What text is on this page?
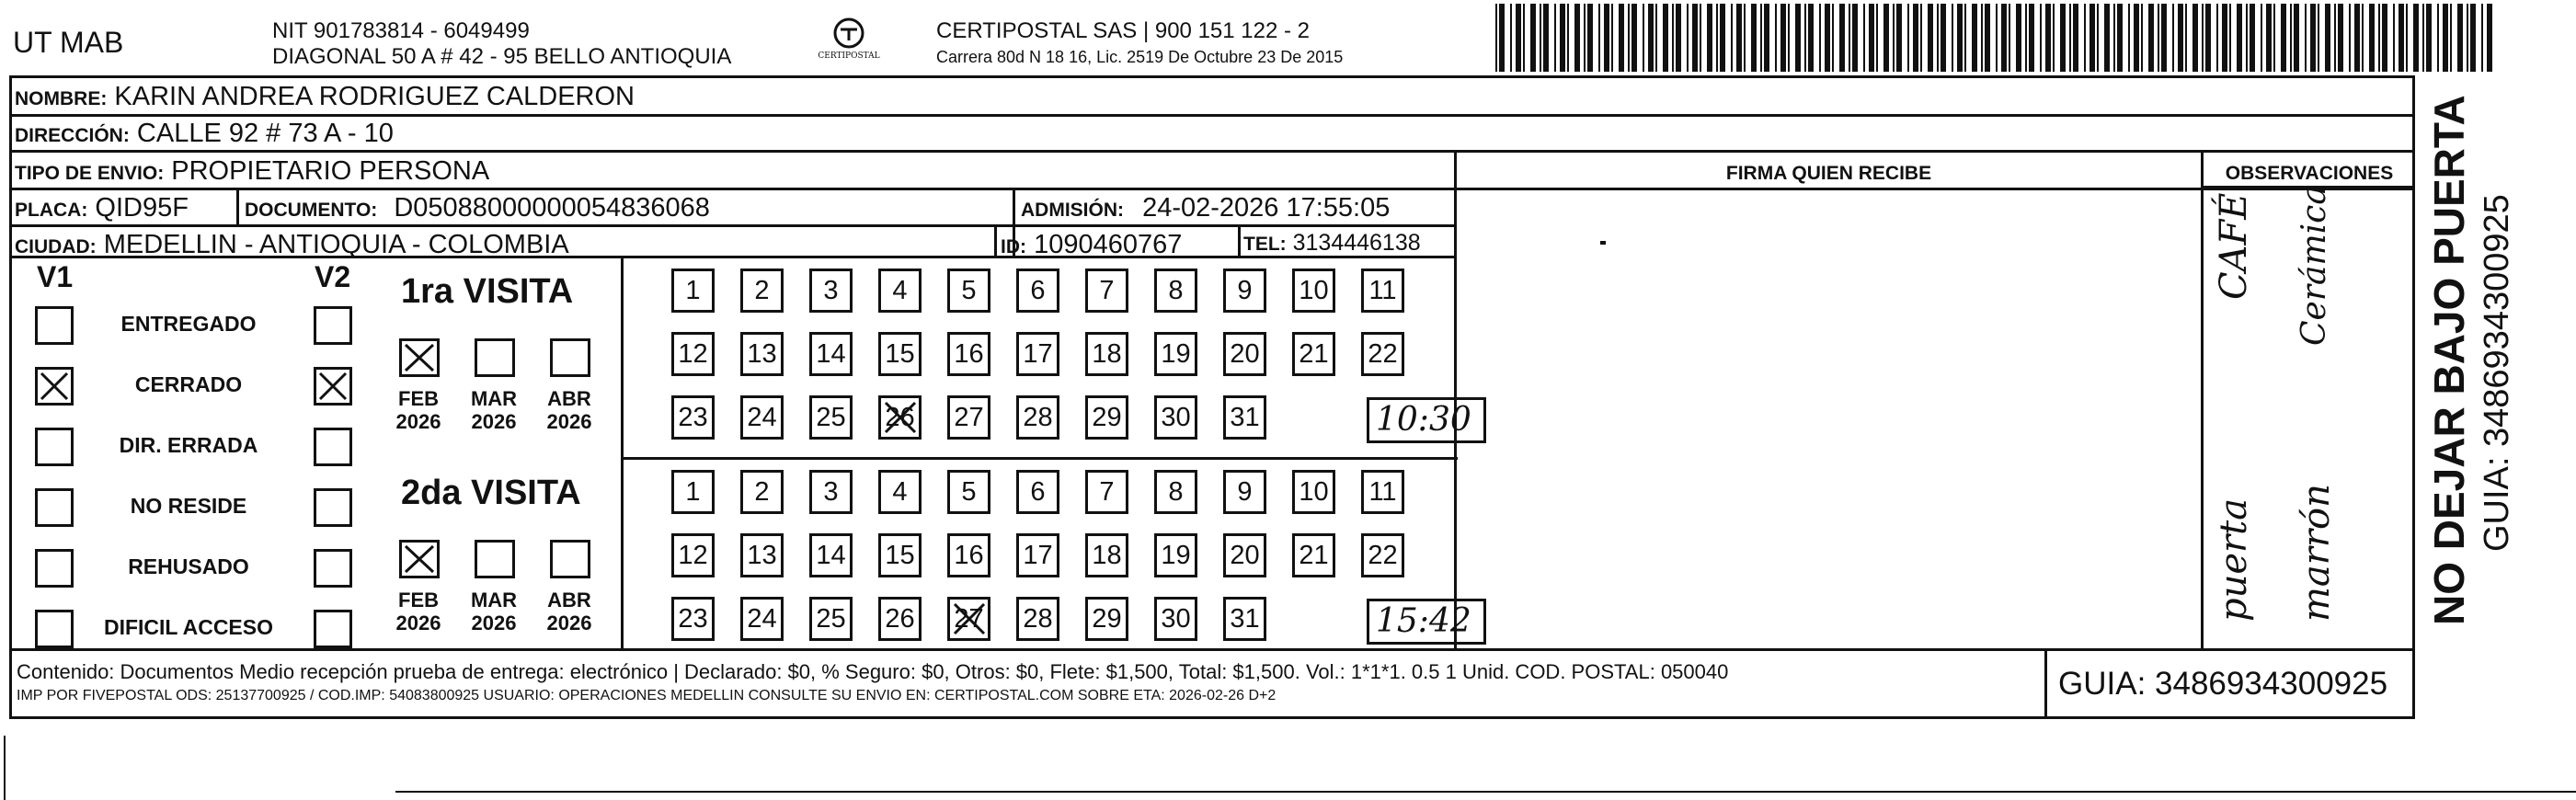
UT MAB	NIT 901783814 - 6049499
DIAGONAL 50 A # 42 - 95 BELLO ANTIOQUIA	CERTIPOSTAL
CERTIPOSTAL SAS | 900 151 122 - 2
Carrera 80d N 18 16, Lic. 2519 De Octubre 23 De 2015
NOMBRE: KARIN ANDREA RODRIGUEZ CALDERON
DIRECCIÓN: CALLE 92 # 73 A - 10
TIPO DE ENVIO: PROPIETARIO PERSONA	FIRMA QUIEN RECIBE	OBSERVACIONES
PLACA: QID95F	DOCUMENTO: D05088000000054836068	ADMISIÓN: 24-02-2026 17:55:05
CIUDAD: MEDELLIN - ANTIOQUIA - COLOMBIA	ID: 1090460767	TEL: 3134446138
V1	V2
ENTREGADO
CERRADO
DIR. ERRADA
NO RESIDE
REHUSADO
DIFICIL ACCESO
1ra VISITA
FEB
2026
MAR
2026
ABR
2026
1	2	3	4	5	6	7	8	9	10 11
12 13 14 15 16 17 18 19 20 21 22
23 24 25 26 27 28 29 30 31	10:30
2da VISITA
FEB
2026
MAR
2026
ABR
2026
1	2	3	4	5	6	7	8	9	10 11
12 13 14 15 16 17 18 19 20 21 22
23 24 25 26 27 28 29 30 31	15:42
CAFÉ Cerámica
puerta marrón
Contenido: Documentos Medio recepción prueba de entrega: electrónico | Declarado: $0, % Seguro: $0, Otros: $0, Flete: $1,500, Total: $1,500. Vol.: 1*1*1. 0.5 1 Unid. COD. POSTAL: 050040
IMP POR FIVEPOSTAL ODS: 25137700925 / COD.IMP: 54083800925 USUARIO: OPERACIONES MEDELLIN CONSULTE SU ENVIO EN: CERTIPOSTAL.COM SOBRE ETA: 2026-02-26 D+2	GUIA: 3486934300925
NO DEJAR BAJO PUERTA GUIA: 3486934300925
